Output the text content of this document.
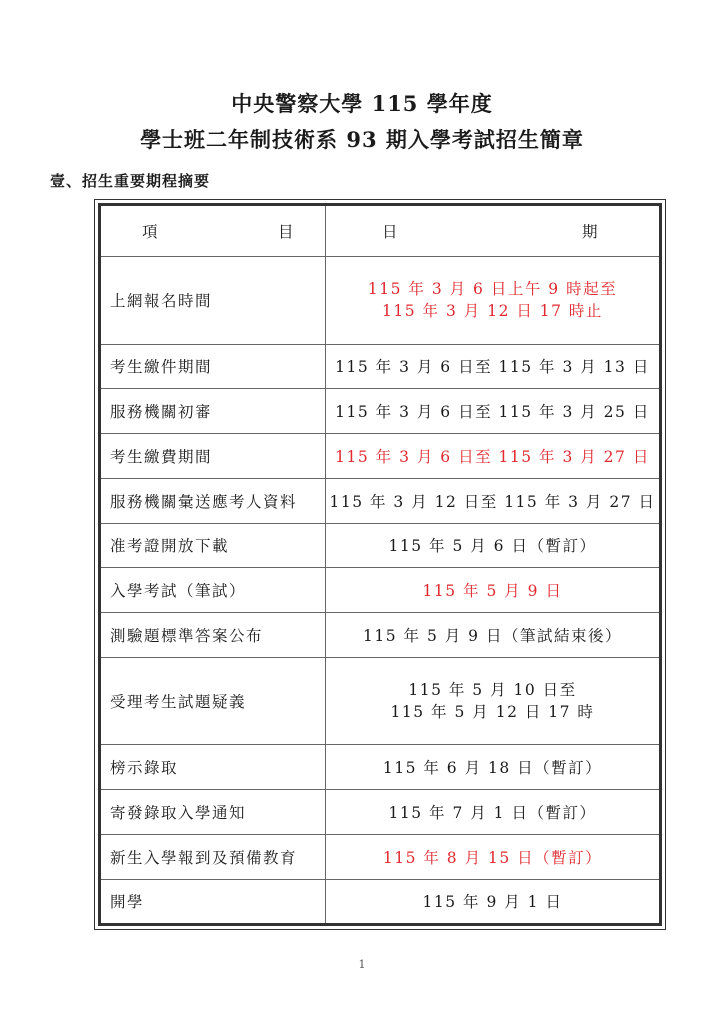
中央警察大學 115 學年度
學士班二年制技術系 93 期入學考試招生簡章
壹、招生重要期程摘要
項 目	日 期

上網報名時間	115 年 3 月 6 日上午 9 時起至
115 年 3 月 12 日 17 時止

考生繳件期間	115 年 3 月 6 日至 115 年 3 月 13 日

服務機關初審	115 年 3 月 6 日至 115 年 3 月 25 日

考生繳費期間	115 年 3 月 6 日至 115 年 3 月 27 日

服務機關彙送應考人資料	115 年 3 月 12 日至 115 年 3 月 27 日

准考證開放下載	115 年 5 月 6 日（暫訂）

入學考試（筆試）	115 年 5 月 9 日

測驗題標準答案公布	115 年 5 月 9 日（筆試結束後）

受理考生試題疑義	115 年 5 月 10 日至
115 年 5 月 12 日 17 時

榜示錄取	115 年 6 月 18 日（暫訂）

寄發錄取入學通知	115 年 7 月 1 日（暫訂）

新生入學報到及預備教育	115 年 8 月 15 日（暫訂）

開學	115 年 9 月 1 日
1
